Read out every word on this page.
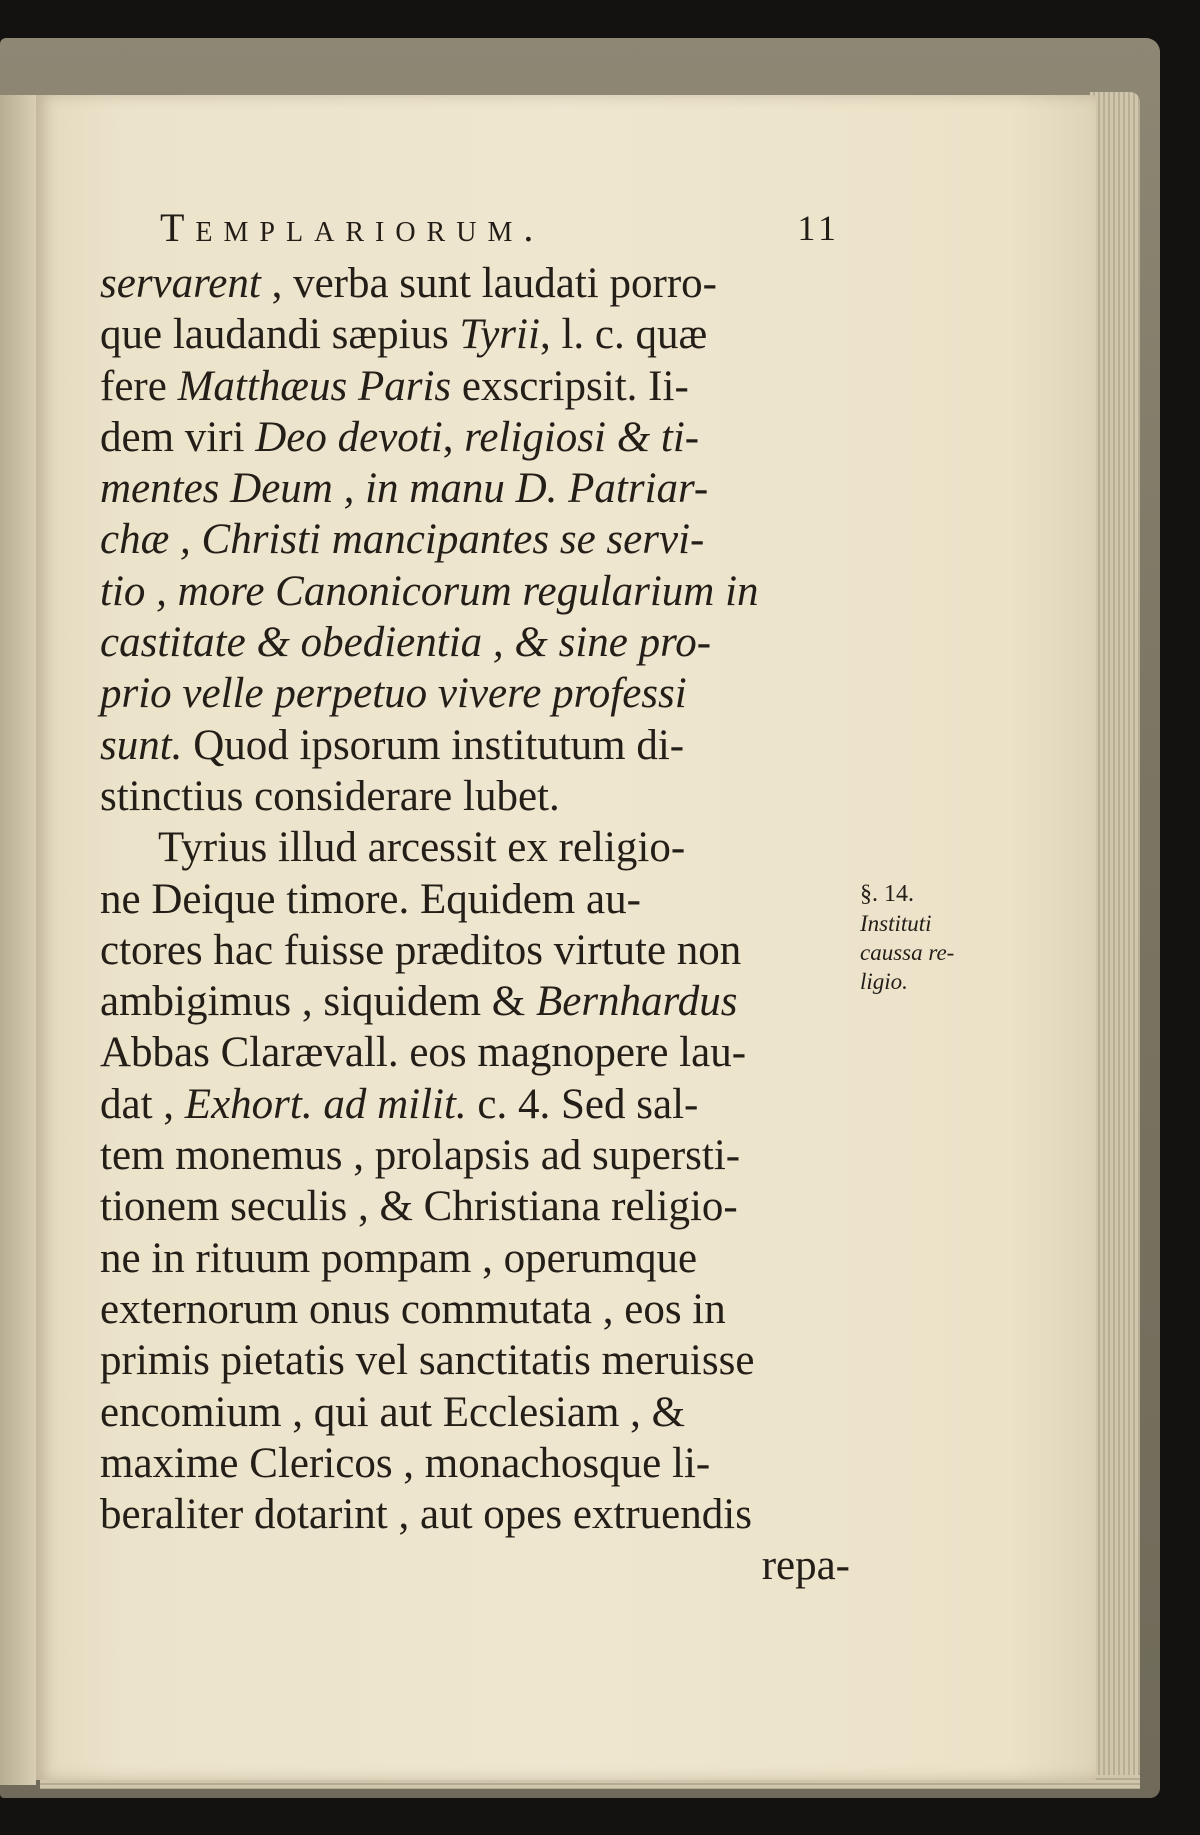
Templariorum.	11
servarent , verba sunt laudati porro-
que laudandi sæpius Tyrii, l. c. quæ
fere Matthæus Paris exscripsit. Ii-
dem viri Deo devoti, religiosi & ti-
mentes Deum , in manu D. Patriar-
chæ , Christi mancipantes se servi-
tio , more Canonicorum regularium in
castitate & obedientia , & sine pro-
prio velle perpetuo vivere professi
sunt. Quod ipsorum institutum di-
stinctius considerare lubet.
Tyrius illud arcessit ex religio-
ne Deique timore. Equidem au-
ctores hac fuisse præditos virtute non
ambigimus , siquidem & Bernhardus
Abbas Clarævall. eos magnopere lau-
dat , Exhort. ad milit. c. 4. Sed sal-
tem monemus , prolapsis ad supersti-
tionem seculis , & Christiana religio-
ne in rituum pompam , operumque
externorum onus commutata , eos in
primis pietatis vel sanctitatis meruisse
encomium , qui aut Ecclesiam , &
maxime Clericos , monachosque li-
beraliter dotarint , aut opes extruendis
repa-
§. 14.
Instituti
caussa re-
ligio.
